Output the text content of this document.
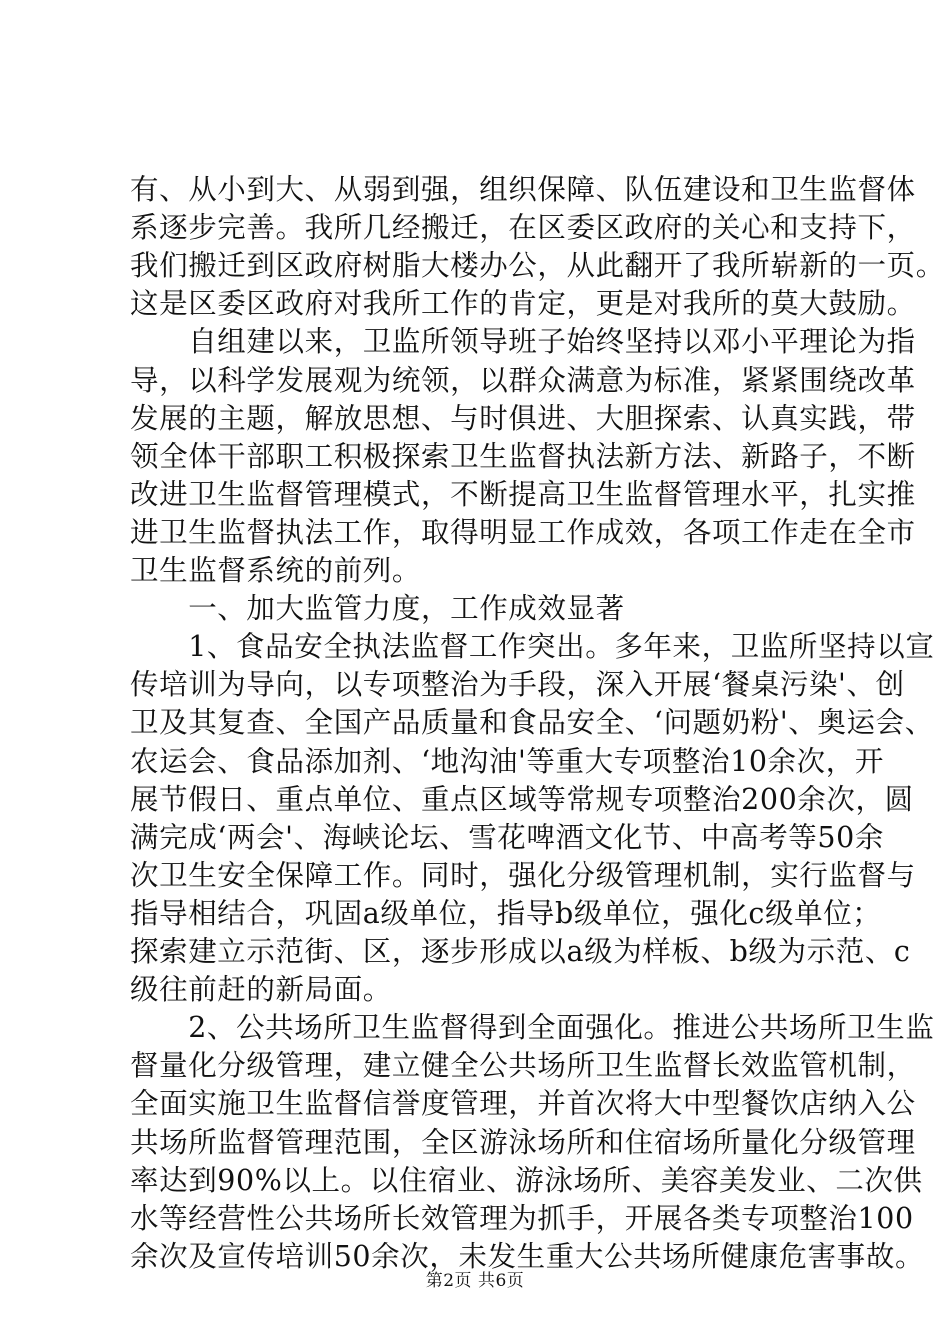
有、从小到大、从弱到强，组织保障、队伍建设和卫生监督体
系逐步完善。我所几经搬迁，在区委区政府的关心和支持下，
我们搬迁到区政府树脂大楼办公，从此翻开了我所崭新的一页。
这是区委区政府对我所工作的肯定，更是对我所的莫大鼓励。
　　自组建以来，卫监所领导班子始终坚持以邓小平理论为指
导，以科学发展观为统领，以群众满意为标准，紧紧围绕改革
发展的主题，解放思想、与时俱进、大胆探索、认真实践，带
领全体干部职工积极探索卫生监督执法新方法、新路子，不断
改进卫生监督管理模式，不断提高卫生监督管理水平，扎实推
进卫生监督执法工作，取得明显工作成效，各项工作走在全市
卫生监督系统的前列。
　　一、加大监管力度，工作成效显著
　　1、食品安全执法监督工作突出。多年来，卫监所坚持以宣
传培训为导向，以专项整治为手段，深入开展‘餐桌污染'、创
卫及其复查、全国产品质量和食品安全、‘问题奶粉'、奥运会、
农运会、食品添加剂、‘地沟油'等重大专项整治10余次，开
展节假日、重点单位、重点区域等常规专项整治200余次，圆
满完成‘两会'、海峡论坛、雪花啤酒文化节、中高考等50余
次卫生安全保障工作。同时，强化分级管理机制，实行监督与
指导相结合，巩固a级单位，指导b级单位，强化c级单位；
探索建立示范街、区，逐步形成以a级为样板、b级为示范、c
级往前赶的新局面。
　　2、公共场所卫生监督得到全面强化。推进公共场所卫生监
督量化分级管理，建立健全公共场所卫生监督长效监管机制，
全面实施卫生监督信誉度管理，并首次将大中型餐饮店纳入公
共场所监督管理范围，全区游泳场所和住宿场所量化分级管理
率达到90%以上。以住宿业、游泳场所、美容美发业、二次供
水等经营性公共场所长效管理为抓手，开展各类专项整治100
余次及宣传培训50余次，未发生重大公共场所健康危害事故。
第2页 共6页
